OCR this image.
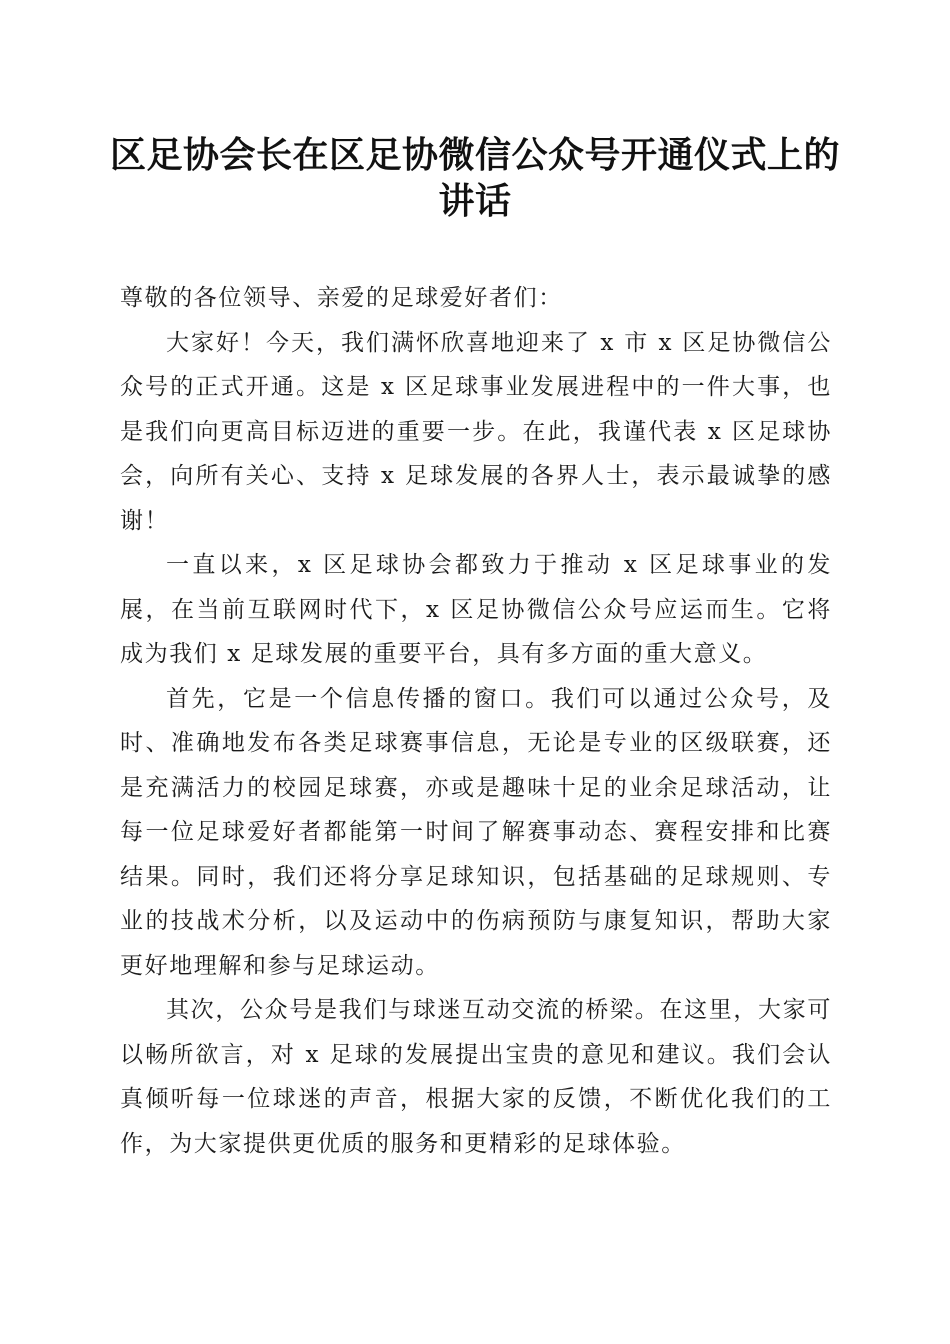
区足协会长在区足协微信公众号开通仪式上的
讲话

尊敬的各位领导、亲爱的足球爱好者们：

大家好！今天，我们满怀欣喜地迎来了 x 市 x 区足协微信公众号的正式开通。这是 x 区足球事业发展进程中的一件大事，也是我们向更高目标迈进的重要一步。在此，我谨代表 x 区足球协会，向所有关心、支持 x 足球发展的各界人士，表示最诚挚的感谢！

一直以来，x 区足球协会都致力于推动 x 区足球事业的发展，在当前互联网时代下，x 区足协微信公众号应运而生。它将成为我们 x 足球发展的重要平台，具有多方面的重大意义。

首先，它是一个信息传播的窗口。我们可以通过公众号，及时、准确地发布各类足球赛事信息，无论是专业的区级联赛，还是充满活力的校园足球赛，亦或是趣味十足的业余足球活动，让每一位足球爱好者都能第一时间了解赛事动态、赛程安排和比赛结果。同时，我们还将分享足球知识，包括基础的足球规则、专业的技战术分析，以及运动中的伤病预防与康复知识，帮助大家更好地理解和参与足球运动。

其次，公众号是我们与球迷互动交流的桥梁。在这里，大家可以畅所欲言，对 x 足球的发展提出宝贵的意见和建议。我们会认真倾听每一位球迷的声音，根据大家的反馈，不断优化我们的工作，为大家提供更优质的服务和更精彩的足球体验。
